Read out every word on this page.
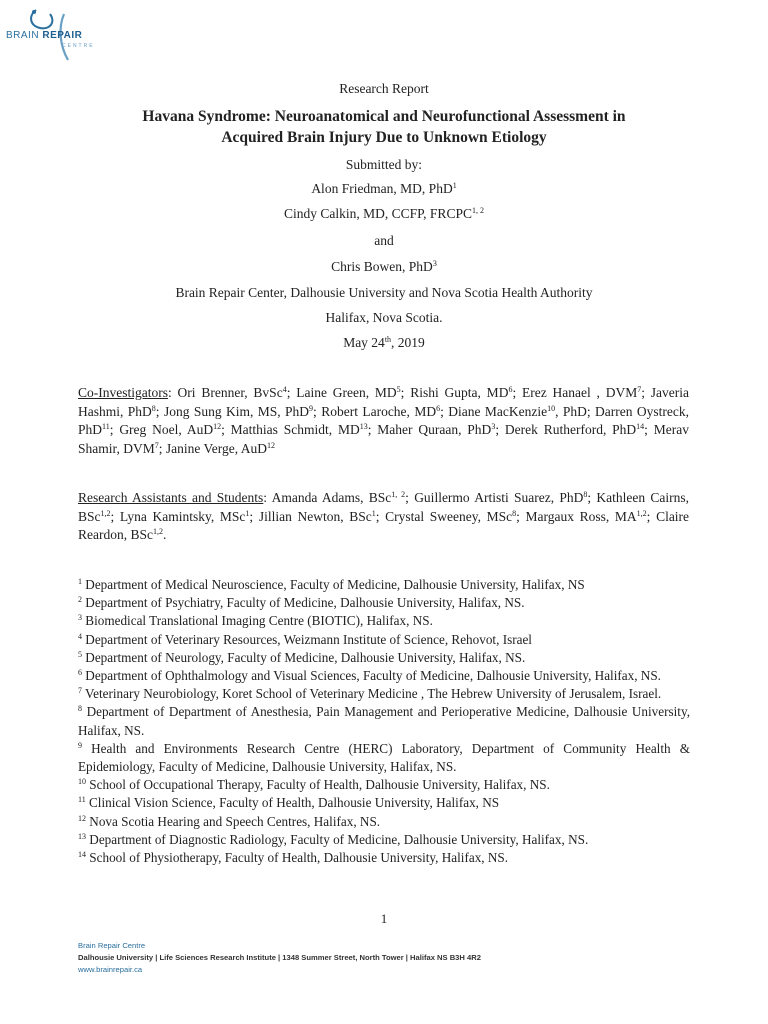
BRAIN REPAIR
CENTRE
Research Report
Havana Syndrome: Neuroanatomical and Neurofunctional Assessment in
Acquired Brain Injury Due to Unknown Etiology
Submitted by:
Alon Friedman, MD, PhD$^1$
Cindy Calkin, MD, CCFP, FRCPC$^{1, 2}$
and
Chris Bowen, PhD$^3$
Brain Repair Center, Dalhousie University and Nova Scotia Health Authority
Halifax, Nova Scotia.
May 24th, 2019
Co-Investigators: Ori Brenner, BvSc$^4$; Laine Green, $MD^5$; Rishi Gupta, $MD^6$; Erez Hanael , DVM$^7$; Javeria Hashmi, PhD$^8$; Jong Sung Kim, MS, PhD$^9$; Robert Laroche, $MD^6$; Diane MacKenzie$^{10}$, PhD; Darren Oystreck, PhD$^{11}$; Greg Noel, AuD$^{12}$; Matthias Schmidt, MD$^{13}$; Maher Quraan, PhD$^3$; Derek Rutherford, PhD$^{14}$; Merav Shamir, DVM$^7$; Janine Verge, AuD$^{12}$
Research Assistants and Students: Amanda Adams, BSc$^{1, 2}$; Guillermo Artisti Suarez, PhD$^8$; Kathleen Cairns, BSc$^{1,2}$; Lyna Kamintsky, MSc$^1$; Jillian Newton, BSc$^1$; Crystal Sweeney, MSc$^8$; Margaux Ross, MA$^{1,2}$; Claire Reardon, BSc$^{1,2}$.
$^1$ Department of Medical Neuroscience, Faculty of Medicine, Dalhousie University, Halifax, NS
$^2$ Department of Psychiatry, Faculty of Medicine, Dalhousie University, Halifax, NS.
$^3$ Biomedical Translational Imaging Centre (BIOTIC), Halifax, NS.
$^4$ Department of Veterinary Resources, Weizmann Institute of Science, Rehovot, Israel
$^5$ Department of Neurology, Faculty of Medicine, Dalhousie University, Halifax, NS.
$^6$ Department of Ophthalmology and Visual Sciences, Faculty of Medicine, Dalhousie University, Halifax, NS.
$^7$ Veterinary Neurobiology, Koret School of Veterinary Medicine , The Hebrew University of Jerusalem, Israel.
$^8$ Department of Department of Anesthesia, Pain Management and Perioperative Medicine, Dalhousie University, Halifax, NS.
$^9$ Health and Environments Research Centre (HERC) Laboratory, Department of Community Health & Epidemiology, Faculty of Medicine, Dalhousie University, Halifax, NS.
$^{10}$ School of Occupational Therapy, Faculty of Health, Dalhousie University, Halifax, NS.
$^{11}$ Clinical Vision Science, Faculty of Health, Dalhousie University, Halifax, NS
$^{12}$ Nova Scotia Hearing and Speech Centres, Halifax, NS.
$^{13}$ Department of Diagnostic Radiology, Faculty of Medicine, Dalhousie University, Halifax, NS.
$^{14}$ School of Physiotherapy, Faculty of Health, Dalhousie University, Halifax, NS.
1
Brain Repair Centre
Dalhousie University | Life Sciences Research Institute | 1348 Summer Street, North Tower | Halifax NS B3H 4R2
www.brainrepair.ca
